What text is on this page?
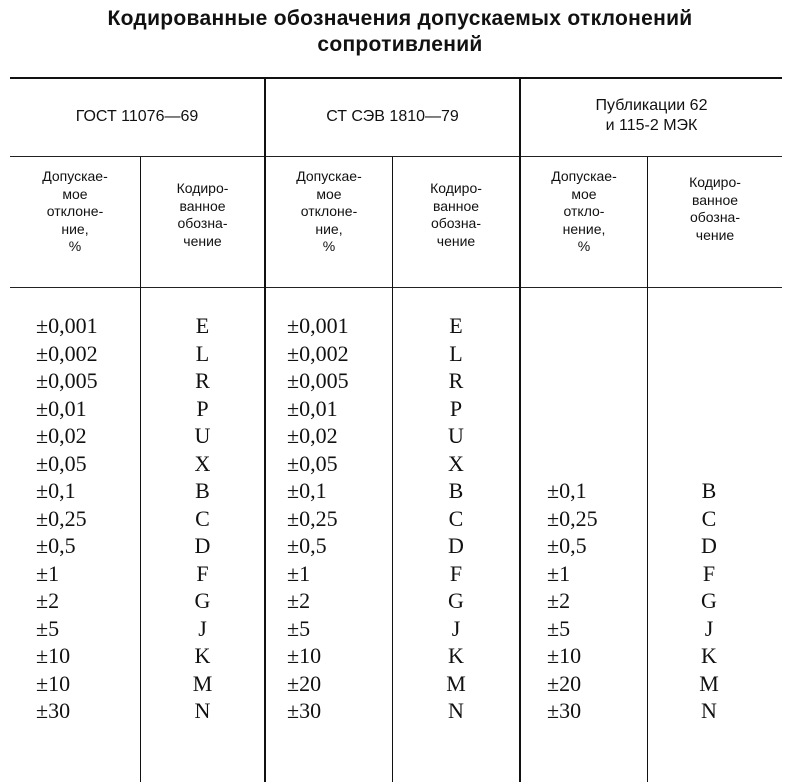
Кодированные обозначения допускаемых отклонений
сопротивлений
ГОСТ 11076—69	СТ СЭВ 1810—79
Публикации 62
и 115-2 МЭК
Допускае-
мое
отклоне-
ние,
%
Кодиро-
ванное
обозна-
чение
Допускае-
мое
отклоне-
ние,
%
Кодиро-
ванное
обозна-
чение
Допускае-
мое
откло-
нение,
%
Кодиро-
ванное
обозна-
чение
±0,001
±0,002
±0,005
±0,01
±0,02
±0,05
±0,1
±0,25
±0,5
±1
±2
±5
±10
±10
±30
E
L
R
P
U
X
B
C
D
F
G
J
K
M
N
±0,001
±0,002
±0,005
±0,01
±0,02
±0,05
±0,1
±0,25
±0,5
±1
±2
±5
±10
±20
±30
E
L
R
P
U
X
B
C
D
F
G
J
K
M
N
±0,1
±0,25
±0,5
±1
±2
±5
±10
±20
±30
B
C
D
F
G
J
K
M
N
